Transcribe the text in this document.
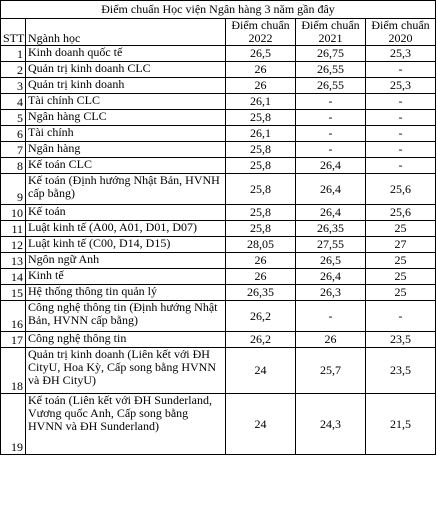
Điểm chuẩn Học viện Ngân hàng 3 năm gần đây				
STT	Ngành học	Điểm chuẩn 2022	Điểm chuẩn 2021	Điểm chuẩn 2020
1	Kinh doanh quốc tế	26,5	26,75	25,3
2	Quản trị kinh doanh CLC	26	26,55	-
3	Quản trị kinh doanh	26	26,55	25,3
4	Tài chính CLC	26,1	-	-
5	Ngân hàng CLC	25,8	-	-
6	Tài chính	26,1	-	-
7	Ngân hàng	25,8	-	-
8	Kế toán CLC	25,8	26,4	-
9	Kế toán (Định hướng Nhật Bản, HVNH cấp bằng)	25,8	26,4	25,6
10	Kế toán	25,8	26,4	25,6
11	Luật kinh tế (A00, A01, D01, D07)	25,8	26,35	25
12	Luật kinh tế (C00, D14, D15)	28,05	27,55	27
13	Ngôn ngữ Anh	26	26,5	25
14	Kinh tế	26	26,4	25
15	Hệ thống thông tin quản lý	26,35	26,3	25
16	Công nghệ thông tin (Định hướng Nhật Bản, HVNN cấp bằng)	26,2	-	-
17	Công nghệ thông tin	26,2	26	23,5
18	Quản trị kinh doanh (Liên kết với ĐH CityU, Hoa Kỳ, Cấp song bằng HVNN và ĐH CityU)	24	25,7	23,5
19	Kế toán (Liên kết với ĐH Sunderland, Vương quốc Anh, Cấp song bằng HVNN và ĐH Sunderland)	24	24,3	21,5
